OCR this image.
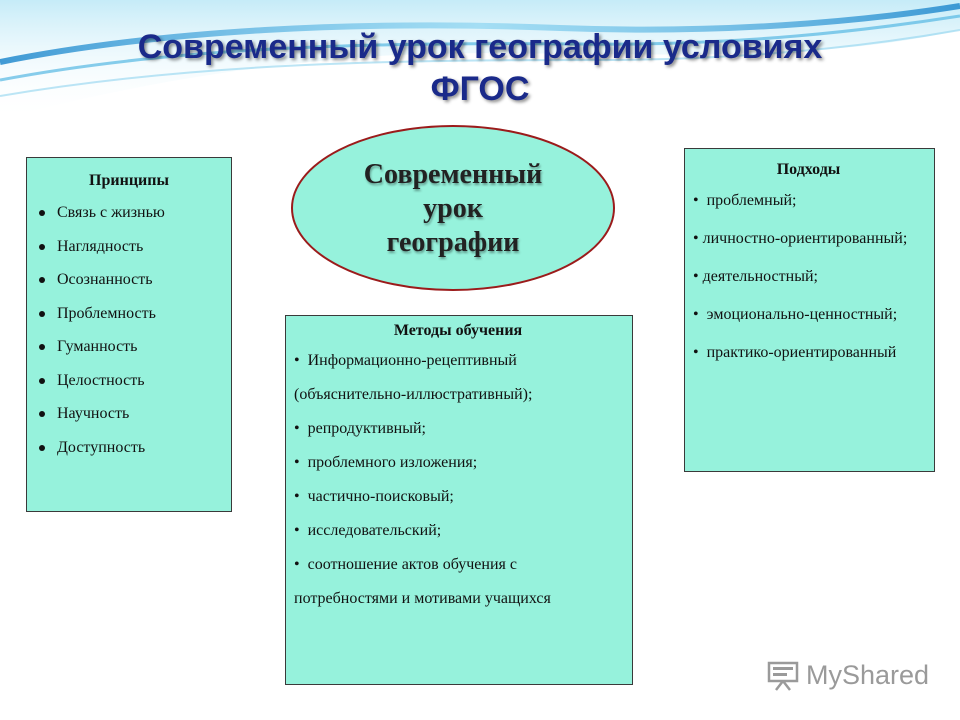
Современный урок географии условиях
ФГОС
Современный
урок
географии

Принципы

Связь с жизнью
Наглядность
Осознанность
Проблемность
Гуманность
Целостность
Научность
Доступность

Методы обучения

•  Информационно-рецептивный (объяснительно-иллюстративный);
•  репродуктивный;
•  проблемного изложения;
•  частично-поисковый;
•  исследовательский;
•  соотношение актов обучения с потребностями и мотивами учащихся

Подходы

•  проблемный;
• личностно-ориентированный;
• деятельностный;
•  эмоционально-ценностный;
•  практико-ориентированный
MyShared
